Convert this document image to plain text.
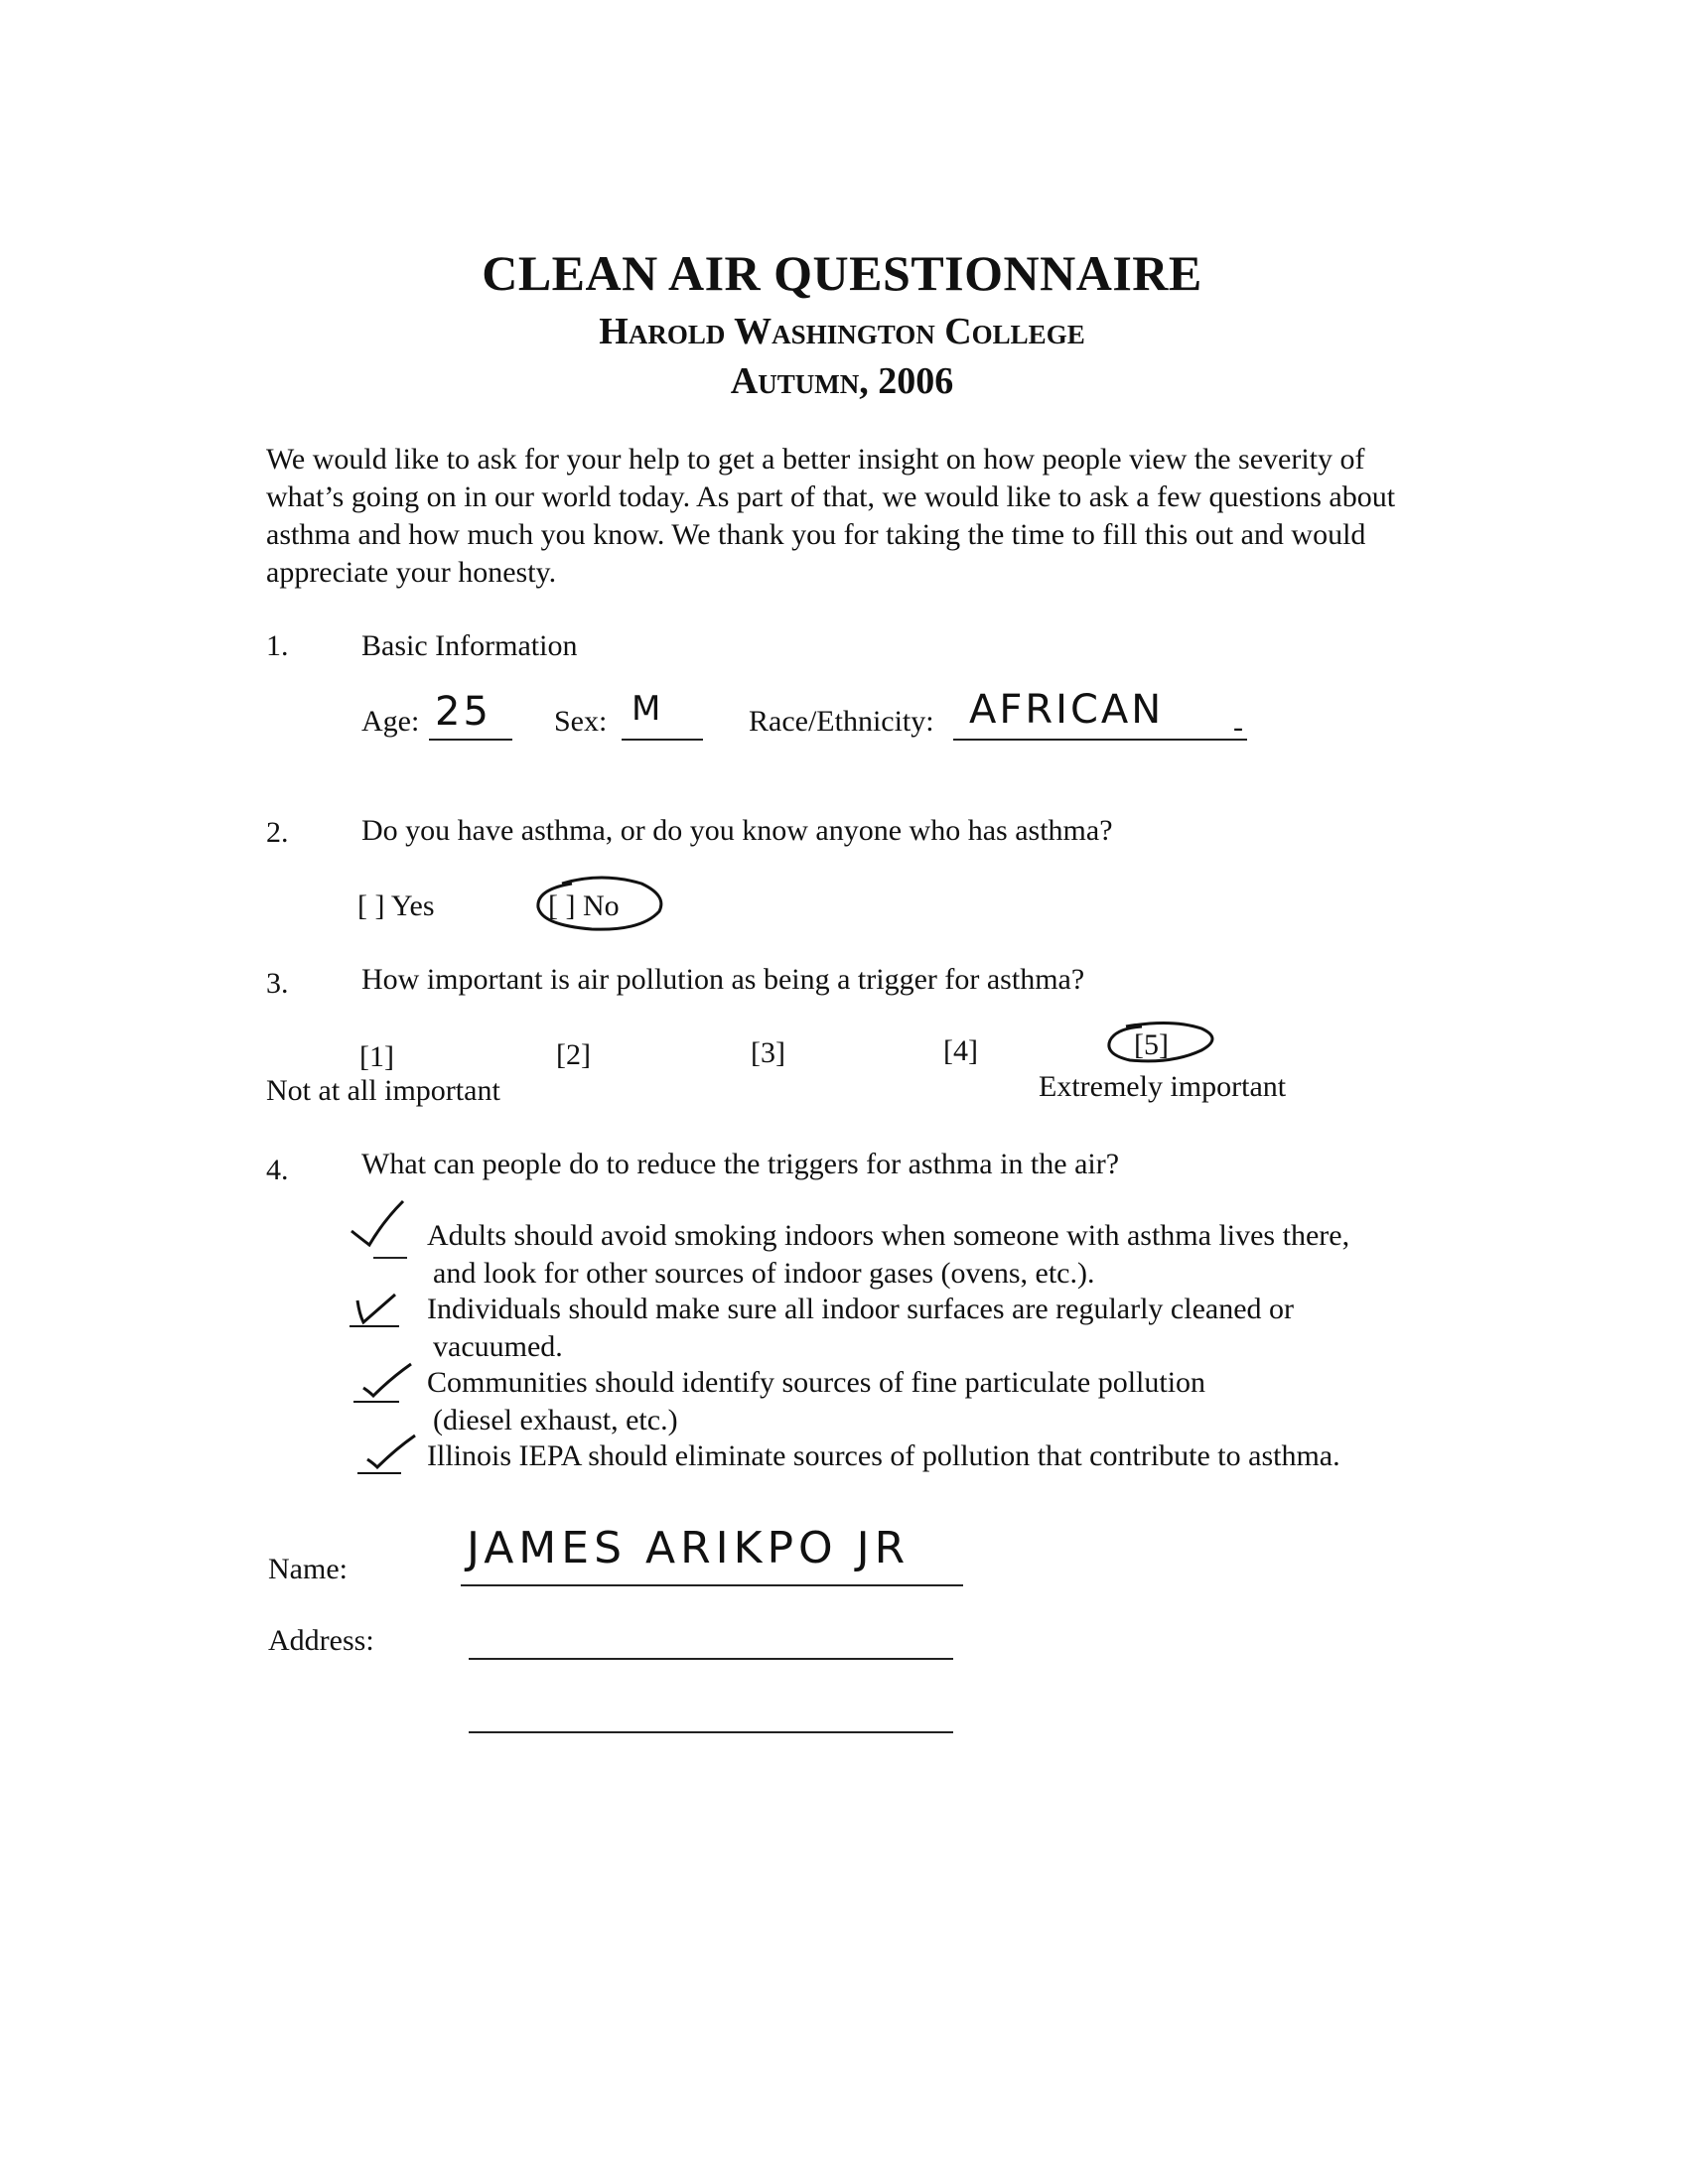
CLEAN AIR QUESTIONNAIRE
Harold Washington College
Autumn, 2006
We would like to ask for your help to get a better insight on how people view the severity of what’s going on in our world today. As part of that, we would like to ask a few questions about asthma and how much you know. We thank you for taking the time to fill this out and would appreciate your honesty.
1. Basic Information
Age: 25 Sex: M	Race/Ethnicity: AFRICAN -
2. Do you have asthma, or do you know anyone who has asthma?
[ ] Yes	[ ] No
3. How important is air pollution as being a trigger for asthma?
[1]	[2]	[3]	[4]	[5]
Not at all important	Extremely important
4. What can people do to reduce the triggers for asthma in the air?
Adults should avoid smoking indoors when someone with asthma lives there,
and look for other sources of indoor gases (ovens, etc.).
Individuals should make sure all indoor surfaces are regularly cleaned or
vacuumed.
Communities should identify sources of fine particulate pollution
(diesel exhaust, etc.)
Illinois IEPA should eliminate sources of pollution that contribute to asthma.
Name:	JAMES ARIKPO JR
Address:
